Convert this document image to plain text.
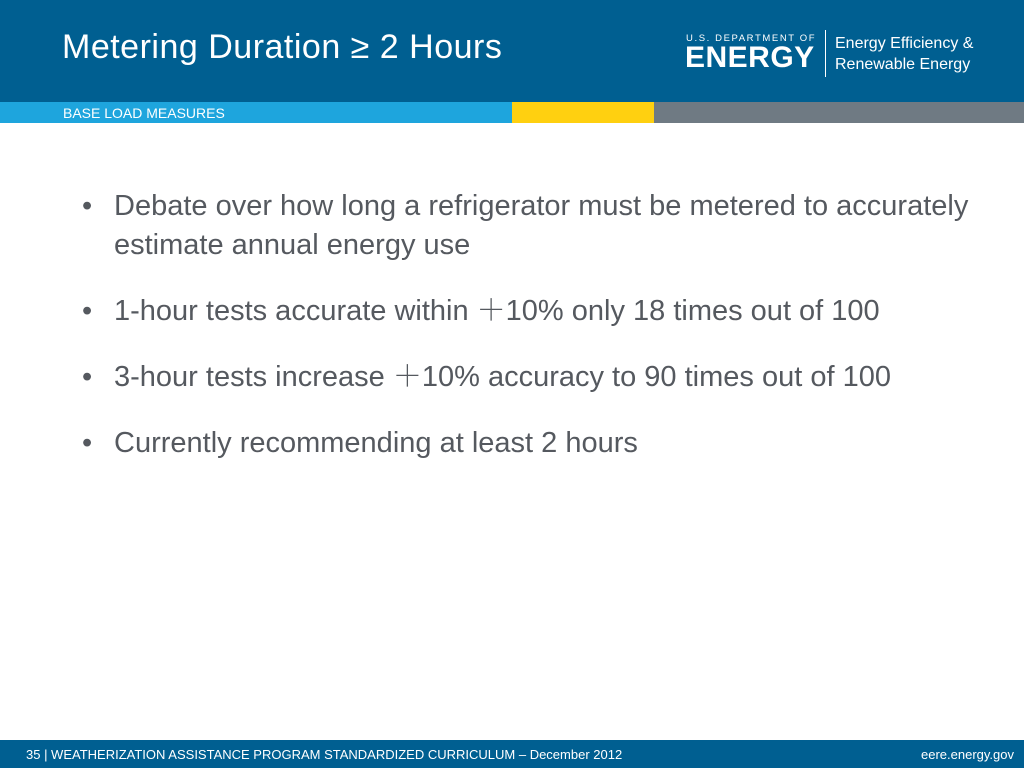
Metering Duration ≥ 2 Hours	U.S. DEPARTMENT OF
ENERGY Energy Efficiency &
Renewable Energy
BASE LOAD MEASURES
• Debate over how long a refrigerator must be metered to accurately estimate annual energy use
• 1-hour tests accurate within ＋10% only 18 times out of 100
• 3-hour tests increase ＋10% accuracy to 90 times out of 100
• Currently recommending at least 2 hours
35 | WEATHERIZATION ASSISTANCE PROGRAM STANDARDIZED CURRICULUM – December 2012	eere.energy.gov
